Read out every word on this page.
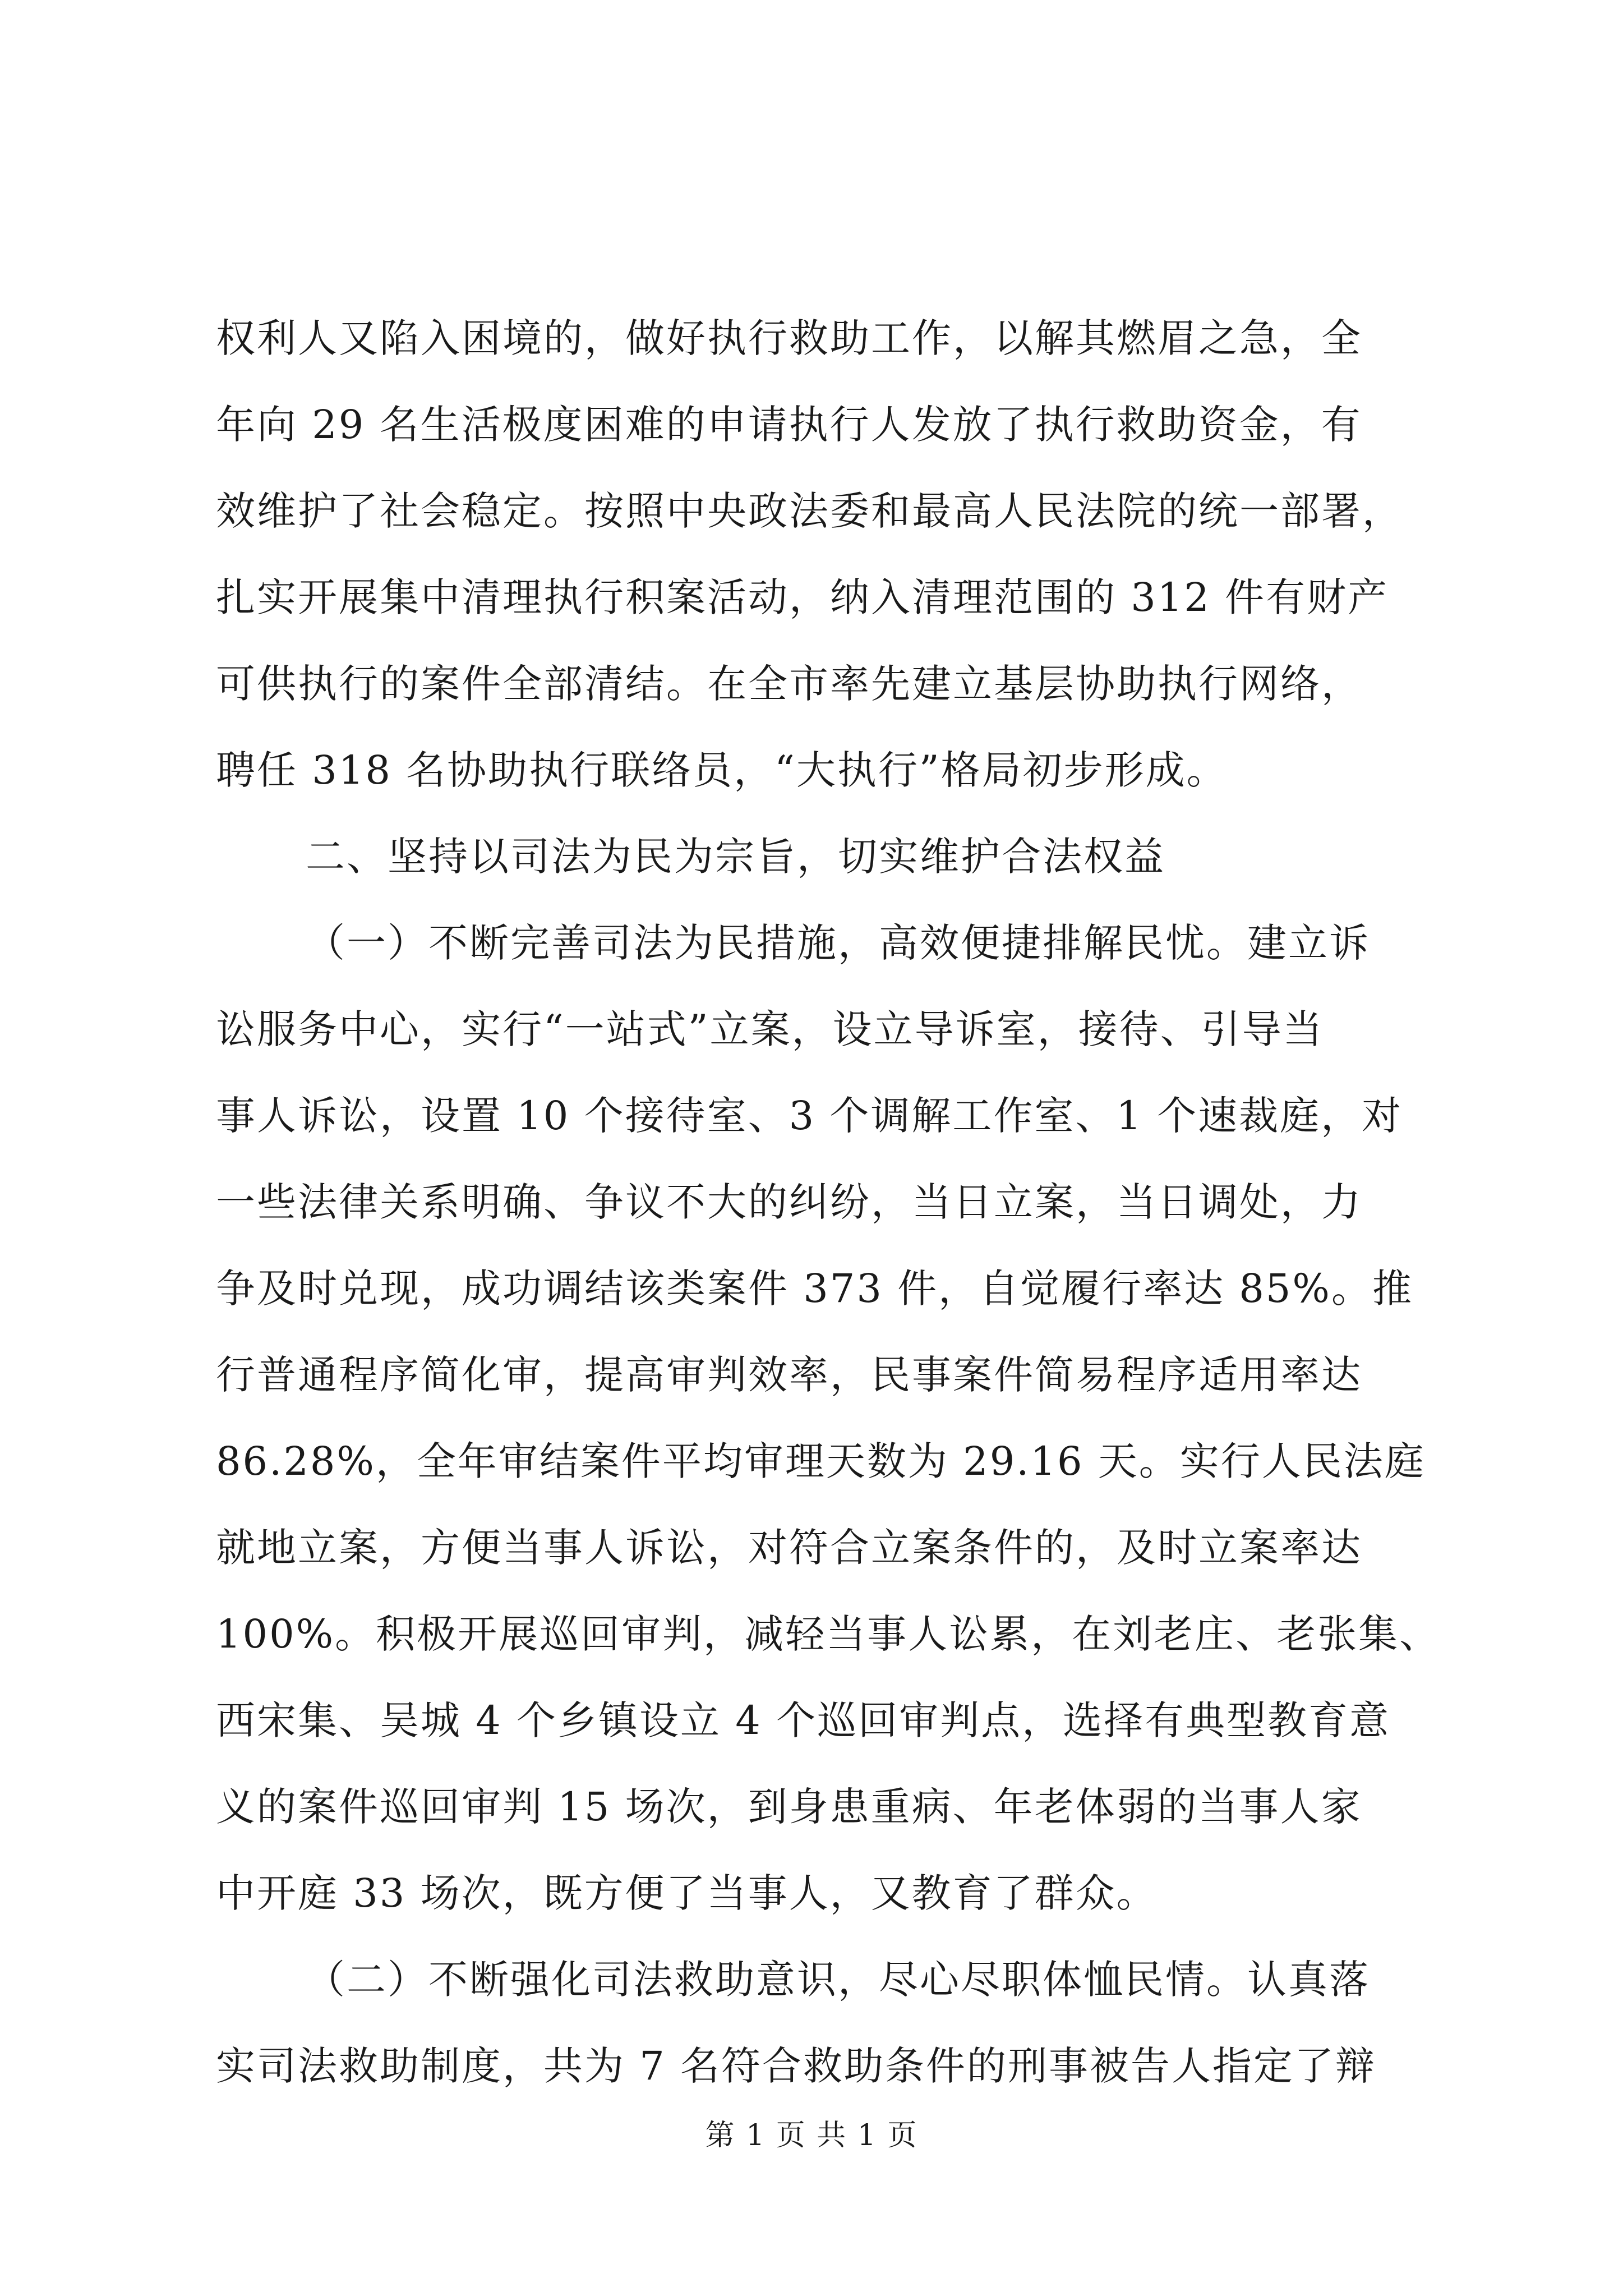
权利人又陷入困境的，做好执行救助工作，以解其燃眉之急，全
年向 29 名生活极度困难的申请执行人发放了执行救助资金，有
效维护了社会稳定。按照中央政法委和最高人民法院的统一部署，
扎实开展集中清理执行积案活动，纳入清理范围的 312 件有财产
可供执行的案件全部清结。在全市率先建立基层协助执行网络，
聘任 318 名协助执行联络员，“大执行”格局初步形成。
二、坚持以司法为民为宗旨，切实维护合法权益
（一）不断完善司法为民措施，高效便捷排解民忧。建立诉
讼服务中心，实行“一站式”立案，设立导诉室，接待、引导当
事人诉讼，设置 10 个接待室、3 个调解工作室、1 个速裁庭，对
一些法律关系明确、争议不大的纠纷，当日立案，当日调处，力
争及时兑现，成功调结该类案件 373 件，自觉履行率达 85%。推
行普通程序简化审，提高审判效率，民事案件简易程序适用率达
86.28%，全年审结案件平均审理天数为 29.16 天。实行人民法庭
就地立案，方便当事人诉讼，对符合立案条件的，及时立案率达
100%。积极开展巡回审判，减轻当事人讼累，在刘老庄、老张集、
西宋集、吴城 4 个乡镇设立 4 个巡回审判点，选择有典型教育意
义的案件巡回审判 15 场次，到身患重病、年老体弱的当事人家
中开庭 33 场次，既方便了当事人，又教育了群众。
（二）不断强化司法救助意识，尽心尽职体恤民情。认真落
实司法救助制度，共为 7 名符合救助条件的刑事被告人指定了辩
第 1 页 共 1 页
